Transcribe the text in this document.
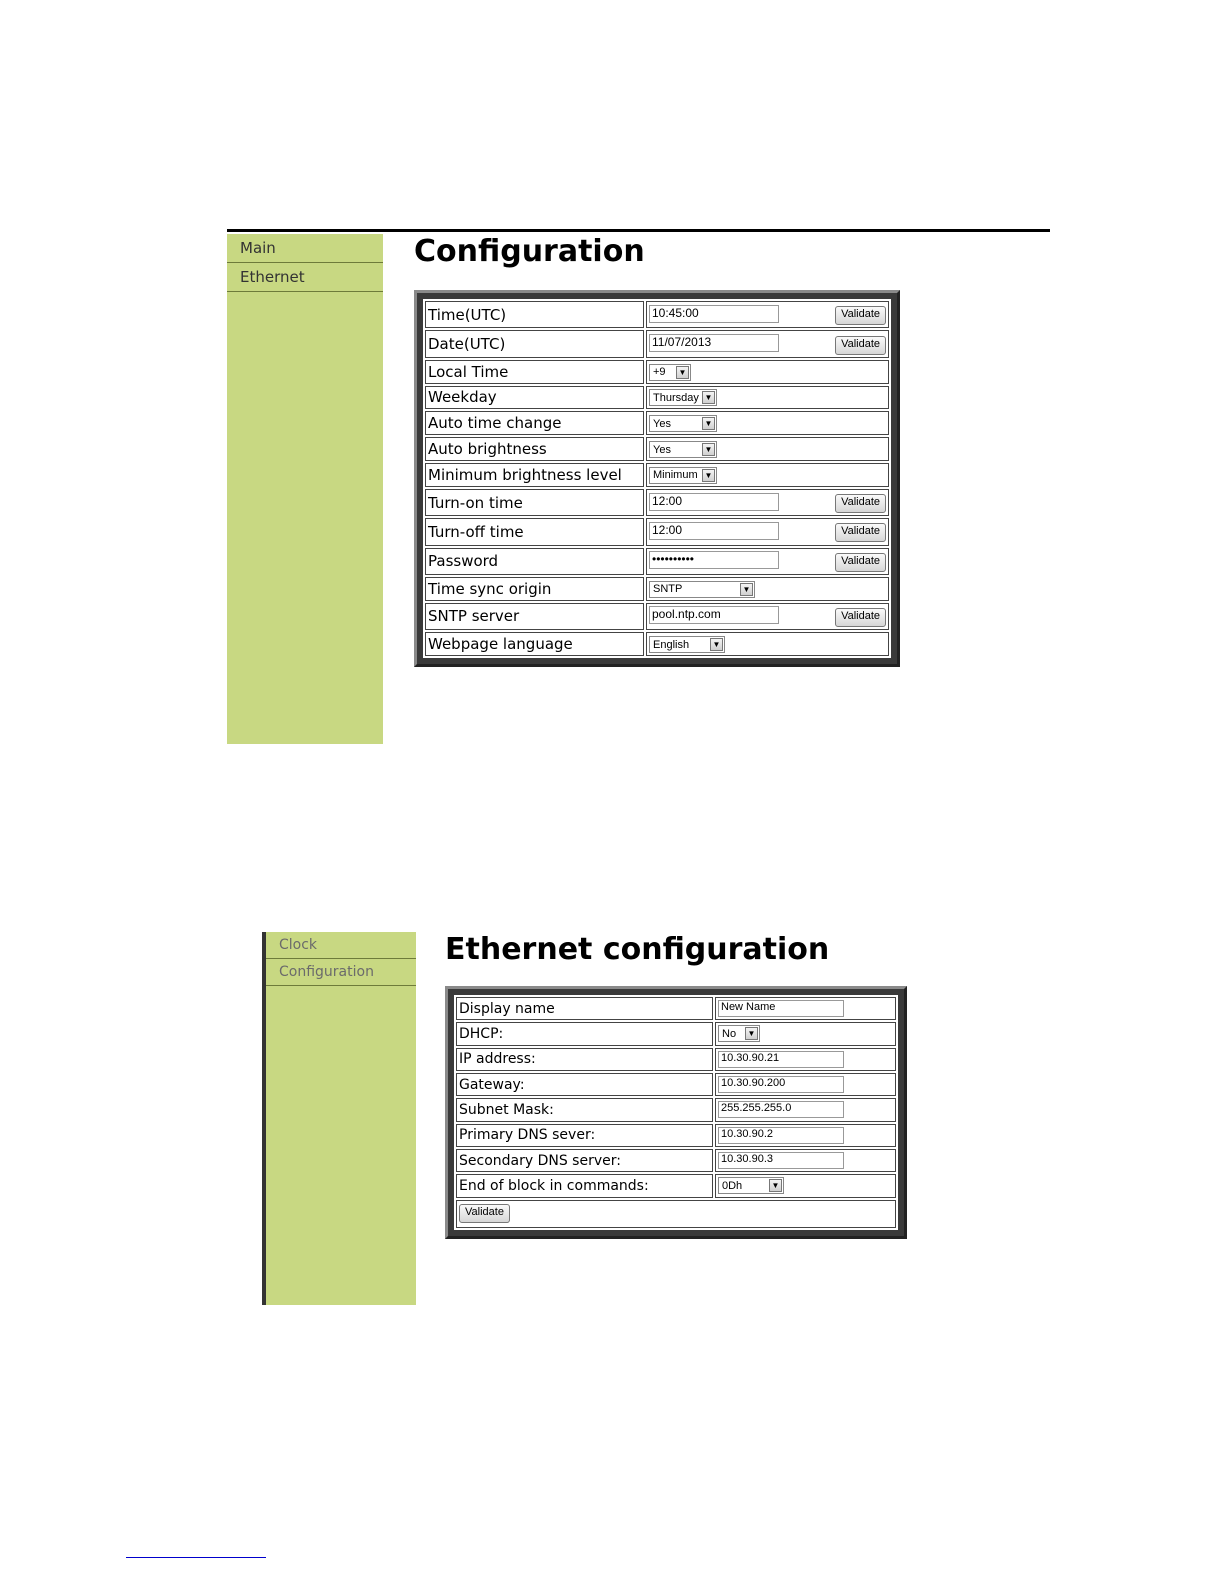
Main
Ethernet
Configuration
Time(UTC)	10:45:00 Validate

Date(UTC)	11/07/2013 Validate

Local Time	+9 ▼

Weekday	Thursday ▼

Auto time change	Yes ▼

Auto brightness	Yes ▼

Minimum brightness level	Minimum ▼

Turn-on time	12:00 Validate

Turn-off time	12:00 Validate

Password	•••••••••• Validate

Time sync origin	SNTP ▼

SNTP server	pool.ntp.com Validate

Webpage language	English ▼
Clock
Configuration
Ethernet configuration
Display name	New Name
DHCP:	No ▼

IP address:	10.30.90.21
Gateway:	10.30.90.200
Subnet Mask:	255.255.255.0
Primary DNS sever:	10.30.90.2
Secondary DNS server:	10.30.90.3
End of block in commands:	0Dh ▼

Validate	
